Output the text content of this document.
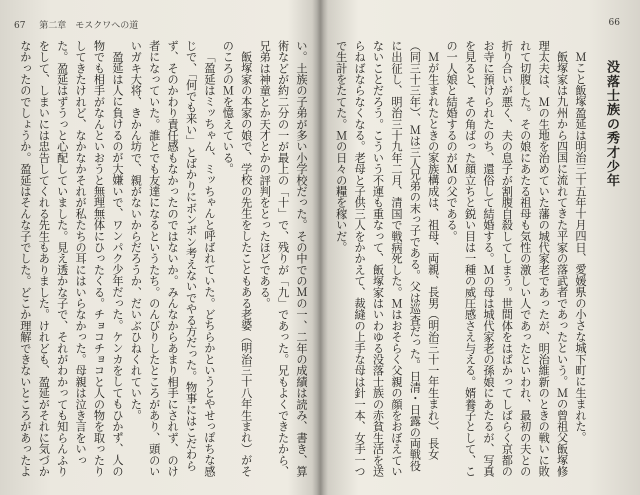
67 第二章　モスクワへの道

い。土族の子弟が多い小学校だった。その中でのＭの一、二年の成績は読み、書き、算術などが約二分の一が最上の「十」で、残りが「九」であった。兄もよくできたから、兄弟は神童とか天才とかの評判をとったほどである。

飯塚家の本家の娘で、学校の先生をしたこともある老婆（明治三十八年生まれ）がそのころのＭを憶えている。

「盈延はミッちゃん、ミッちゃんと呼ばれていた。どちらかというとやせっぽちな感じで、「何でも来い」とばかりにボンボン考えないでやる方だった。物事にはこだわらず、そのかわり責任感もなかったのではないか。みんなからあまり相手にされず、のけ者になっていた。誰とでも友達になるというたち。のんびりしたところがあり、頭のいいガキ大将、きかん坊で、親がないからだろうか、だいぶひねくれていた。

盈延は人に負けるのが大嫌いで、ワンパク少年だった。ケンカをしてもひかず、人の物でも相手がなんといおうと無理無体にひったくる。チョコチョコと人の物を取ったりしてきたけれど、なかなかそれが私たちの耳にはいらなかった。母親は泣き言をいった。盈延はずうっと心配していました。見え透かな子で、それがわかっても知らんふりをして、しまいには忠告してくれる先生もありました。けれども、盈延がそれに気づかなかったのでしょうか。盈延はそんな子でした。どこか理解できないところがあったよ

66
没落士族の秀才少年

Ｍこと飯塚盈延は明治三十五年十月四日、愛媛県の小さな城下町に生まれた。

飯塚家は九州から四国に流れてきた平家の落武者であったという。Ｍの曾祖父飯塚修理太夫は、Ｍの生地を治めていた藩の城代家老であったが、明治維新のときの戦いに敗れて切腹した。その娘にあたる祖母も気性の激しい人であったといわれ、最初の夫との折り合いが悪く、夫の息子が割腹自殺してしまう。世間体をはばかってしばらく京都のお寺に預けられたのち、還俗して結婚する。Ｍの母は城代家老の孫娘にあたるが、写真を見ると、その角ばった顔立ちと鋭い目は一種の威圧感さえ与える。婿養子として、この一人娘と結婚するのがＭの父である。

Ｍが生まれたときの家族構成は、祖母、両親、長男（明治三十一年生まれ）、長女（同三十三年）、Ｍは三人兄弟の末っ子である。父は巡査だった。日清・日露の両戦役に出征し、明治三十九年二月、清国で戦病死した。Ｍはおそらく父親の顔をおぼえていないことだろう。こういう不運も重なって、飯塚家はいわゆる没落士族の赤貧生活を送らねばならなくなる。老母と子供三人をかかえて、裁縫の上手な母は針一本、女手一つで生計をたてた。Ｍの日々の糧を稼いだ。
